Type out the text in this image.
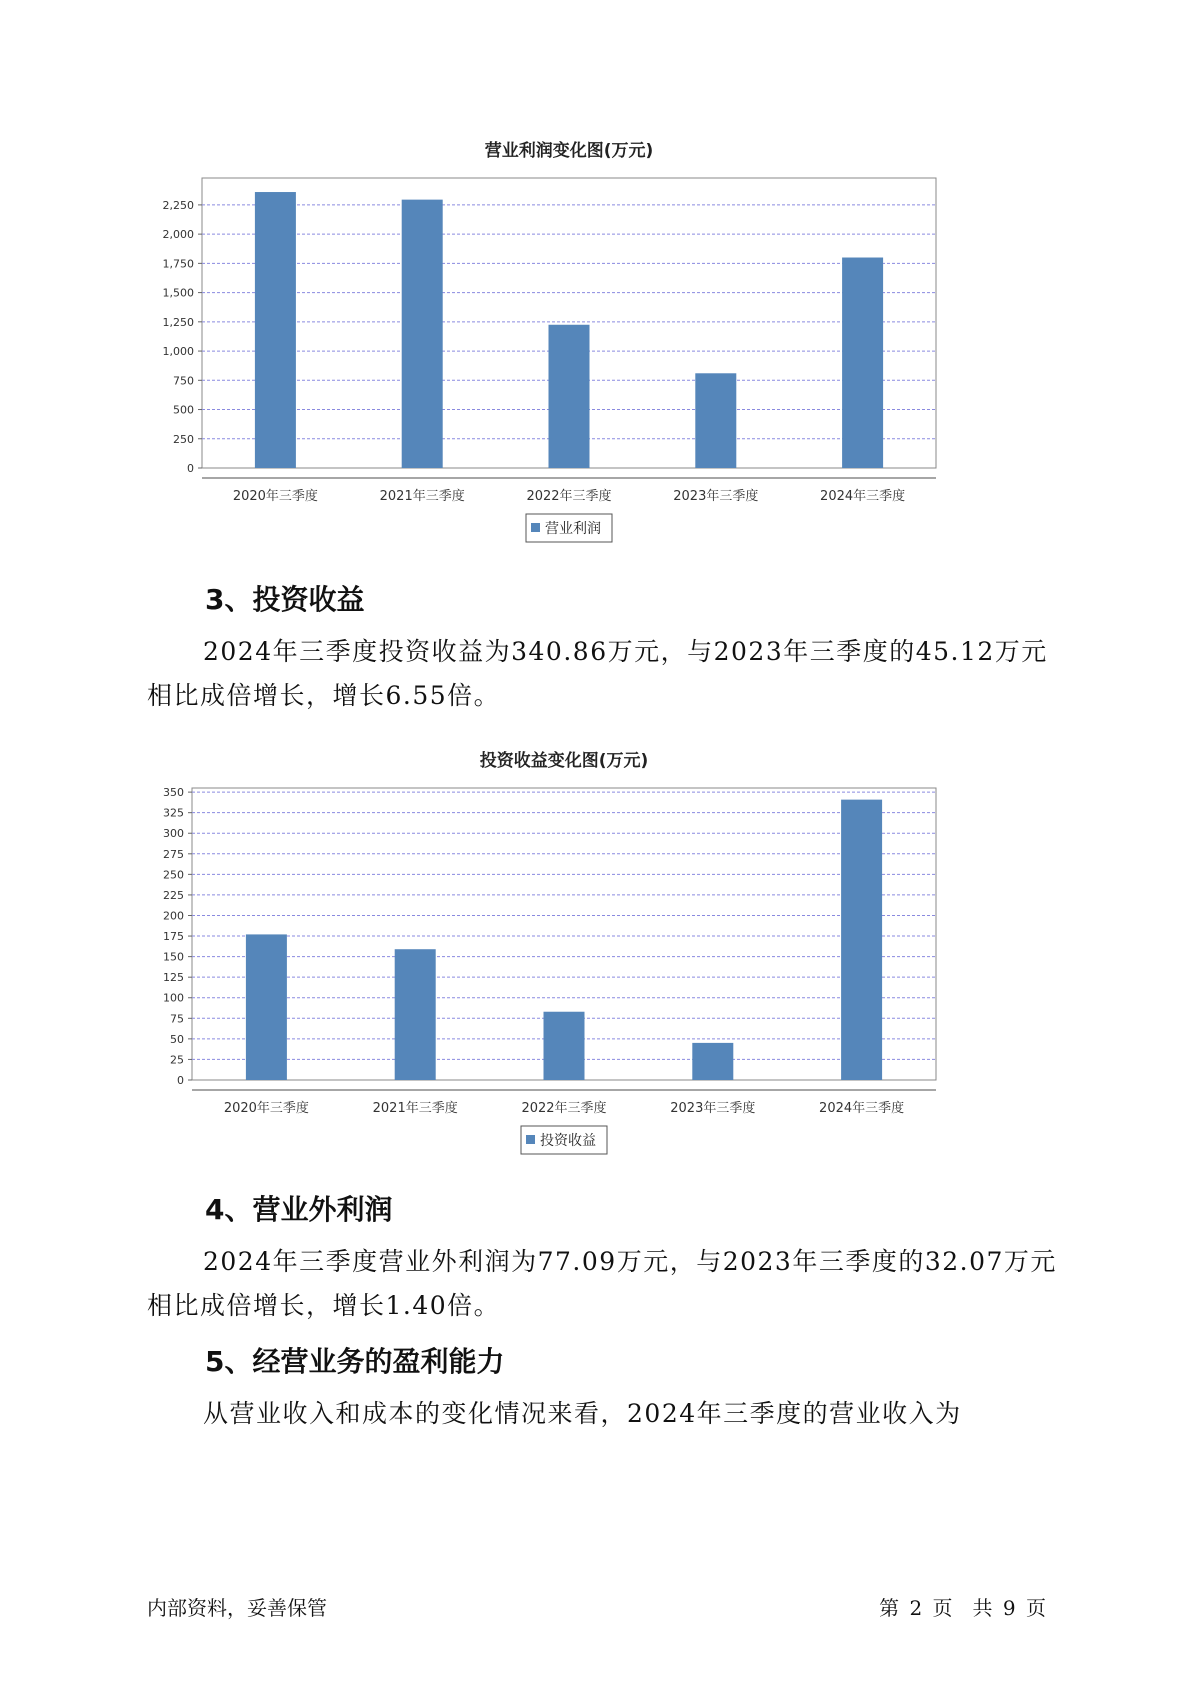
营业利润变化图(万元)
0
250
500
750
1,000
1,250
1,500
1,750
2,000
2,250
2020年三季度	2021年三季度	2022年三季度	2023年三季度	2024年三季度
营业利润
3、投资收益

2024年三季度投资收益为340.86万元，与2023年三季度的45.12万元相比成倍增长，增长6.55倍。

投资收益变化图(万元)
0
25
50
75
100
125
150
175
200
225
250
275
300
325
350
2020年三季度	2021年三季度	2022年三季度	2023年三季度	2024年三季度
投资收益
4、营业外利润

2024年三季度营业外利润为77.09万元，与2023年三季度的32.07万元相比成倍增长，增长1.40倍。

5、经营业务的盈利能力

从营业收入和成本的变化情况来看，2024年三季度的营业收入为

内部资料，妥善保管	第 2 页　共 9 页
